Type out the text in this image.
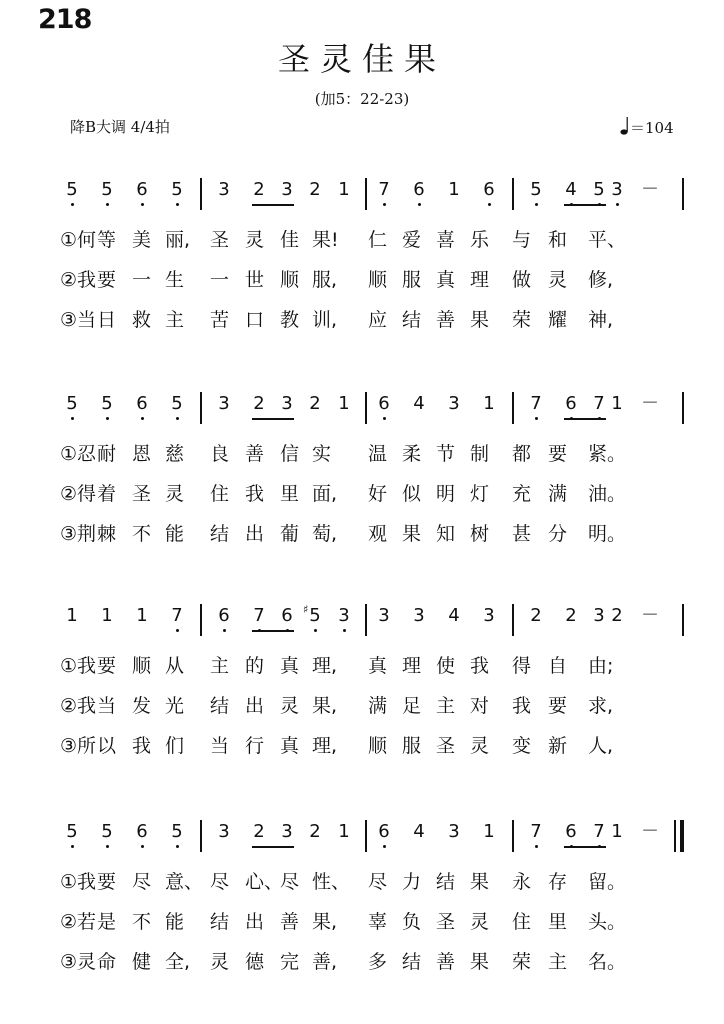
218
圣灵佳果
(加5：22-23)
降B大调 4/4拍	＝104
5 5 6 5 3 2 3 2 1 7 6 1 6 5 4 5 3 －
①何 等 美 丽, 圣 灵 佳 果! 仁 爱 喜 乐 与 和 平、
②我 要 一 生 一 世 顺 服, 顺 服 真 理 做 灵 修,
③当 日 救 主 苦 口 教 训, 应 结 善 果 荣 耀 神,
5 5 6 5 3 2 3 2 1 6 4 3 1 7 6 7 1 －
①忍 耐 恩 慈 良 善 信 实 温 柔 节 制 都 要 紧。
②得 着 圣 灵 住 我 里 面, 好 似 明 灯 充 满 油。
③荆 棘 不 能 结 出 葡 萄, 观 果 知 树 甚 分 明。
1 1 1 7 6 7 6 5
♯ 3 3 3 4 3 2 2 3 2 －
①我 要 顺 从 主 的 真 理, 真 理 使 我 得 自 由;
②我 当 发 光 结 出 灵 果, 满 足 主 对 我 要 求,
③所 以 我 们 当 行 真 理, 顺 服 圣 灵 变 新 人,
5 5 6 5 3 2 3 2 1 6 4 3 1 7 6 7 1 －
①我 要 尽 意、 尽 心、
尽 性、 尽 力 结 果 永 存 留。
②若 是 不 能 结 出 善 果, 辜 负 圣 灵 住 里 头。
③灵 命 健 全, 灵 德 完 善, 多 结 善 果 荣 主 名。
